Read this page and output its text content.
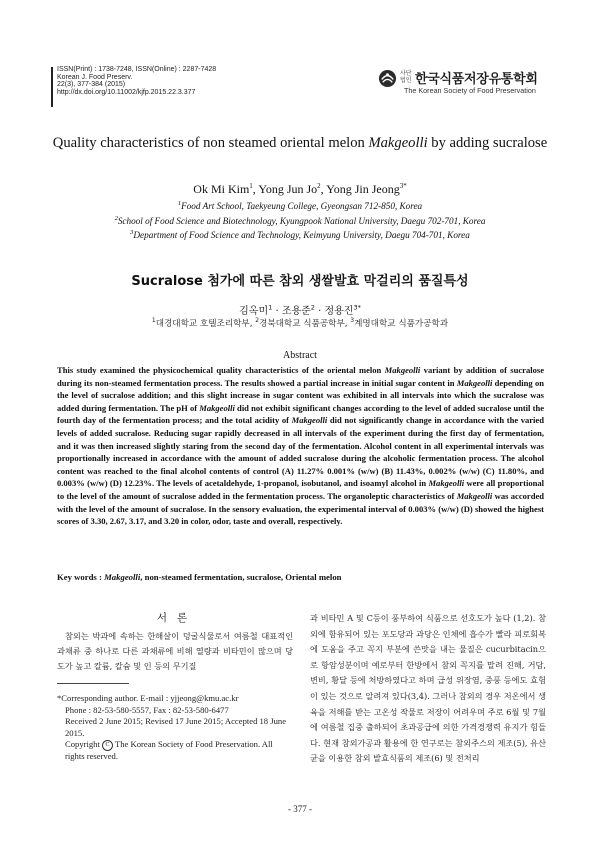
ISSN(Print) : 1738-7248, ISSN(Online) : 2287-7428
Korean J. Food Preserv.
22(3), 377-384 (2015)
http://dx.doi.org/10.11002/kjfp.2015.22.3.377
사단 법인 한국식품저장유통학회
The Korean Society of Food Preservation
Quality characteristics of non steamed oriental melon Makgeolli by adding sucralose
Ok Mi Kim$^1$, Yong Jun Jo$^2$, Yong Jin Jeong$^{3*}$
$^1$Food Art School, Taekyeung College, Gyeongsan 712-850, Korea
$^2$School of Food Science and Biotechnology, Kyungpook National University, Daegu 702-701, Korea
$^3$Department of Food Science and Technology, Keimyung University, Daegu 704-701, Korea
Sucralose 첨가에 따른 참외 생쌀발효 막걸리의 품질특성
김옥미$^1$ · 조용준$^2$ · 정용진$^{3*}$
$^1$대경대학교 호텔조리학부, $^2$경북대학교 식품공학부, $^3$계명대학교 식품가공학과
Abstract

This study examined the physicochemical quality characteristics of the oriental melon Makgeolli variant by addition of sucralose during its non-steamed fermentation process. The results showed a partial increase in initial sugar content in Makgeolli depending on the level of sucralose addition; and this slight increase in sugar content was exhibited in all intervals into which the sucralose was added during fermentation. The pH of Makgeolli did not exhibit significant changes according to the level of added sucralose until the fourth day of the fermentation process; and the total acidity of Makgeolli did not significantly change in accordance with the varied levels of added sucralose. Reducing sugar rapidly decreased in all intervals of the experiment during the first day of fermentation, and it was then increased slightly staring from the second day of the fermentation. Alcohol content in all experimental intervals was proportionally increased in accordance with the amount of added sucralose during the alcoholic fermentation process. The alcohol content was reached to the final alcohol contents of control (A) 11.27% 0.001% (w/w) (B) 11.43%, 0.002% (w/w) (C) 11.80%, and 0.003% (w/w) (D) 12.23%. The levels of acetaldehyde, 1-propanol, isobutanol, and isoamyl alcohol in Makgeolli were all proportional to the level of the amount of sucralose added in the fermentation process. The organoleptic characteristics of Makgeolli was accorded with the level of the amount of sucralose. In the sensory evaluation, the experimental interval of 0.003% (w/w) (D) showed the highest scores of 3.30, 2.67, 3.17, and 3.20 in color, odor, taste and overall, respectively.

Key words : Makgeolli, non-steamed fermentation, sucralose, Oriental melon
서론

참외는 박과에 속하는 한해살이 덩굴식물로서 여름철 대표적인 과채류 중 하나로 다른 과채류에 비해 열량과 비타민이 많으며 당도가 높고 칼륨, 칼슘 및 인 등의 무기질

*Corresponding author. E-mail : yjjeong@kmu.ac.kr
Phone : 82-53-580-5557, Fax : 82-53-580-6477
Received 2 June 2015; Revised 17 June 2015; Accepted 18 June 2015.
Copyright C The Korean Society of Food Preservation. All rights reserved.

과 비타민 A 및 C등이 풍부하여 식품으로 선호도가 높다 (1,2). 참외에 함유되어 있는 포도당과 과당은 인체에 흡수가 빨라 피로회복에 도움을 주고 꼭지 부분에 쓴맛을 내는 물질은 cucurbitacin으로 항암성분이며 예로부터 한방에서 참외 꼭지를 말려 진해, 거담, 변비, 황달 등에 처방하였다고 하며 급성 위장염, 중풍 등에도 효험이 있는 것으로 알려져 있다(3,4). 그러나 참외의 경우 저온에서 생육을 저해를 받는 고온성 작물로 저장이 어려우며 주로 6월 및 7월에 여름철 집중 출하되어 초과공급에 의한 가격경쟁력 유지가 힘들다. 현재 참외가공과 활용에 한 연구로는 참외주스의 제조(5), 유산균을 이용한 참외 발효식품의 제조(6) 및 전처리

- 377 -
